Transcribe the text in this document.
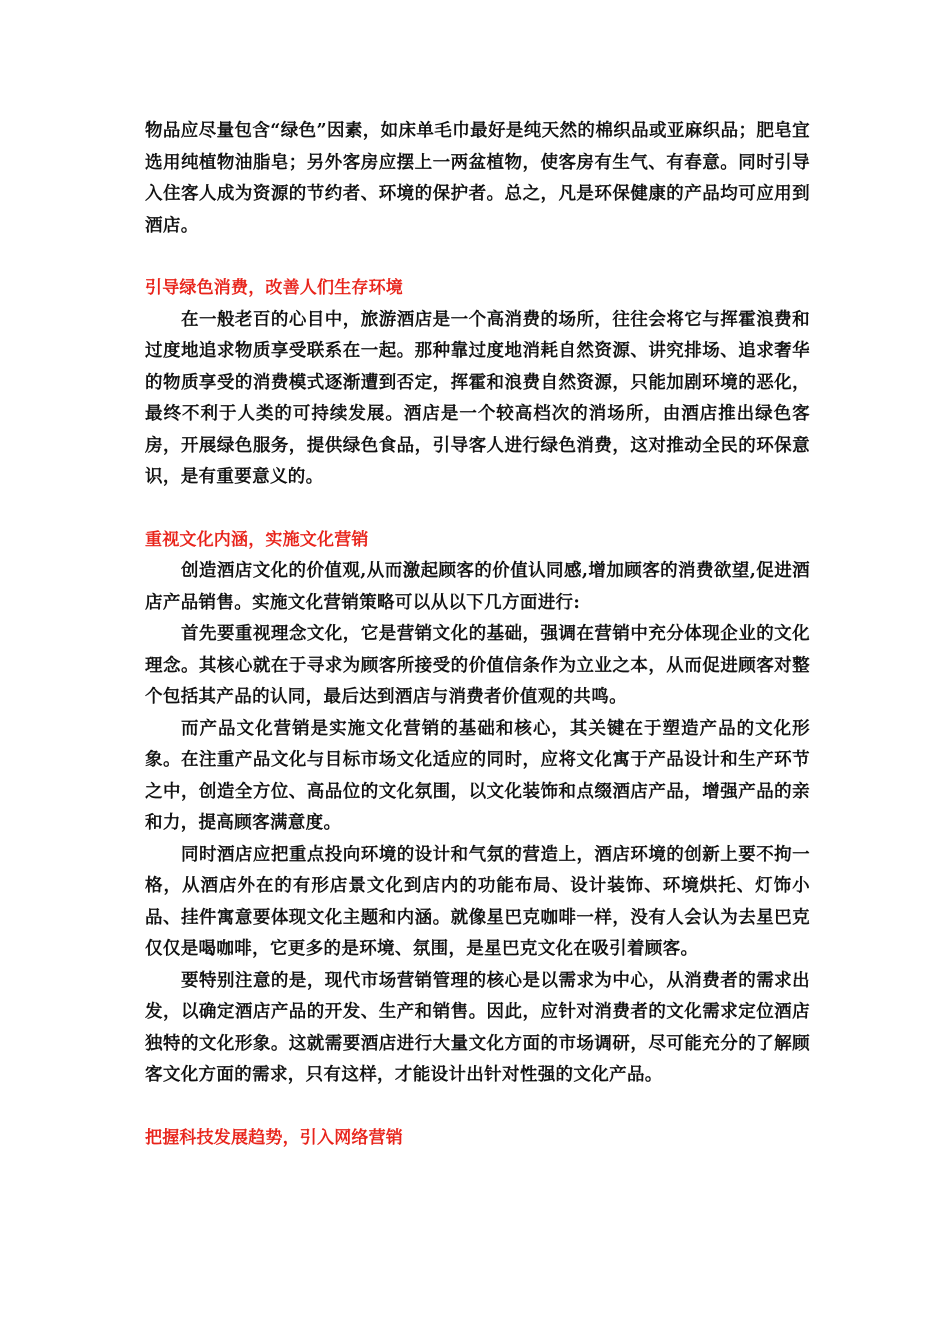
物品应尽量包含“绿色”因素，如床单毛巾最好是纯天然的棉织品或亚麻织品；肥皂宜选用纯植物油脂皂；另外客房应摆上一两盆植物，使客房有生气、有春意。同时引导入住客人成为资源的节约者、环境的保护者。总之，凡是环保健康的产品均可应用到酒店。

引导绿色消费，改善人们生存环境

在一般老百的心目中，旅游酒店是一个高消费的场所，往往会将它与挥霍浪费和过度地追求物质享受联系在一起。那种靠过度地消耗自然资源、讲究排场、追求奢华的物质享受的消费模式逐渐遭到否定，挥霍和浪费自然资源，只能加剧环境的恶化，最终不利于人类的可持续发展。酒店是一个较高档次的消场所，由酒店推出绿色客房，开展绿色服务，提供绿色食品，引导客人进行绿色消费，这对推动全民的环保意识，是有重要意义的。

重视文化内涵，实施文化营销

创造酒店文化的价值观,从而激起顾客的价值认同感,增加顾客的消费欲望,促进酒店产品销售。实施文化营销策略可以从以下几方面进行:

首先要重视理念文化，它是营销文化的基础，强调在营销中充分体现企业的文化理念。其核心就在于寻求为顾客所接受的价值信条作为立业之本，从而促进顾客对整个包括其产品的认同，最后达到酒店与消费者价值观的共鸣。

而产品文化营销是实施文化营销的基础和核心，其关键在于塑造产品的文化形象。在注重产品文化与目标市场文化适应的同时，应将文化寓于产品设计和生产环节之中，创造全方位、高品位的文化氛围，以文化装饰和点缀酒店产品，增强产品的亲和力，提高顾客满意度。

同时酒店应把重点投向环境的设计和气氛的营造上，酒店环境的创新上要不拘一格，从酒店外在的有形店景文化到店内的功能布局、设计装饰、环境烘托、灯饰小品、挂件寓意要体现文化主题和内涵。就像星巴克咖啡一样，没有人会认为去星巴克仅仅是喝咖啡，它更多的是环境、氛围，是星巴克文化在吸引着顾客。

要特别注意的是，现代市场营销管理的核心是以需求为中心，从消费者的需求出发，以确定酒店产品的开发、生产和销售。因此，应针对消费者的文化需求定位酒店独特的文化形象。这就需要酒店进行大量文化方面的市场调研，尽可能充分的了解顾客文化方面的需求，只有这样，才能设计出针对性强的文化产品。

把握科技发展趋势，引入网络营销
